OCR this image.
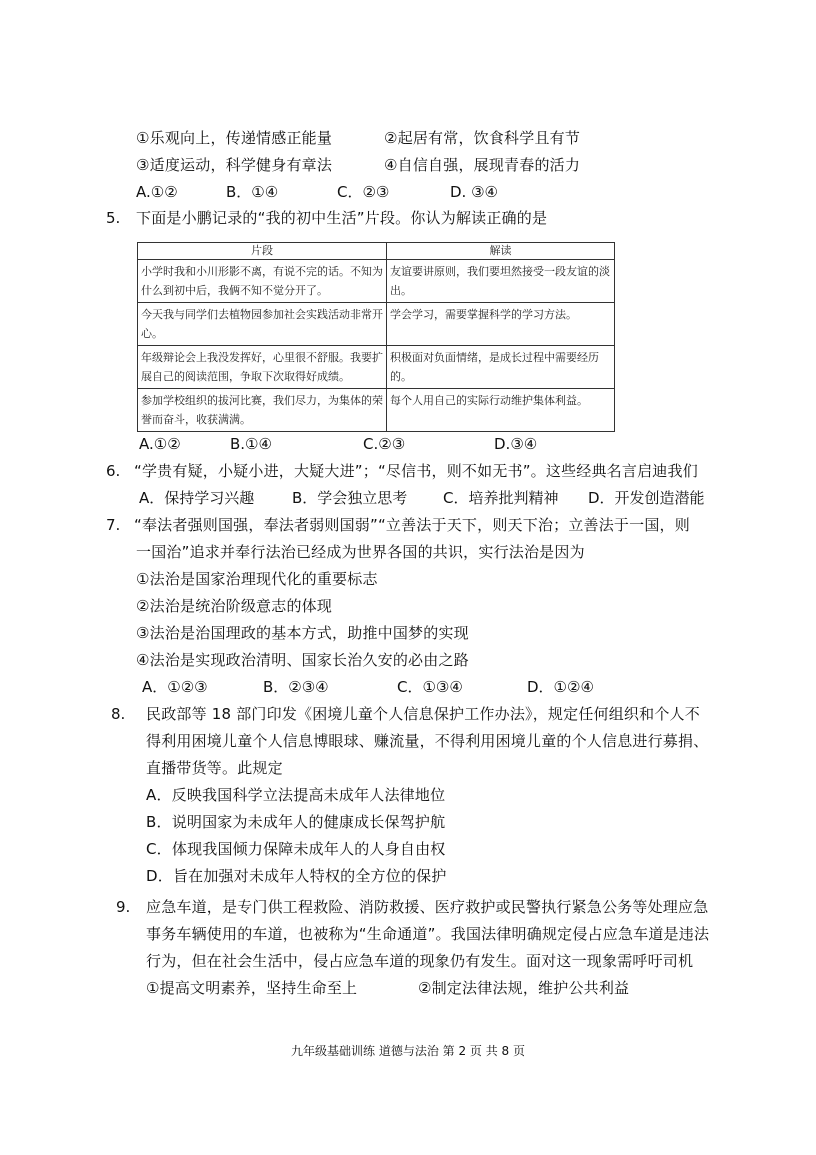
①乐观向上，传递情感正能量	②起居有常，饮食科学且有节
③适度运动，科学健身有章法	④自信自强，展现青春的活力
A.①②	B．①④	C．②③	D. ③④
5. 下面是小鹏记录的“我的初中生活”片段。你认为解读正确的是
片段	解读
小学时我和小川形影不离，有说不完的话。不知为什么到初中后，我俩不知不觉分开了。	友谊要讲原则，我们要坦然接受一段友谊的淡出。
今天我与同学们去植物园参加社会实践活动非常开心。	学会学习，需要掌握科学的学习方法。
年级辩论会上我没发挥好，心里很不舒服。我要扩展自己的阅读范围，争取下次取得好成绩。	积极面对负面情绪，是成长过程中需要经历的。
参加学校组织的拔河比赛，我们尽力，为集体的荣誉而奋斗，收获满满。	每个人用自己的实际行动维护集体利益。
A.①②	B.①④	C.②③	D.③④
6. “学贵有疑，小疑小进，大疑大进”；“尽信书，则不如无书”。这些经典名言启迪我们
A．保持学习兴趣	B．学会独立思考 C．培养批判精神 D．开发创造潜能
7. “奉法者强则国强，奉法者弱则国弱”“立善法于天下，则天下治；立善法于一国，则
一国治”追求并奉行法治已经成为世界各国的共识，实行法治是因为
①法治是国家治理现代化的重要标志
②法治是统治阶级意志的体现
③法治是治国理政的基本方式，助推中国梦的实现
④法治是实现政治清明、国家长治久安的必由之路
A．①②③	B．②③④	C．①③④	D．①②④
8. 民政部等 18 部门印发《困境儿童个人信息保护工作办法》，规定任何组织和个人不
得利用困境儿童个人信息博眼球、赚流量，不得利用困境儿童的个人信息进行募捐、
直播带货等。此规定
A．反映我国科学立法提高未成年人法律地位
B．说明国家为未成年人的健康成长保驾护航
C．体现我国倾力保障未成年人的人身自由权
D．旨在加强对未成年人特权的全方位的保护
9. 应急车道，是专门供工程救险、消防救援、医疗救护或民警执行紧急公务等处理应急
事务车辆使用的车道，也被称为“生命通道”。我国法律明确规定侵占应急车道是违法
行为，但在社会生活中，侵占应急车道的现象仍有发生。面对这一现象需呼吁司机
①提高文明素养，坚持生命至上	②制定法律法规，维护公共利益
九年级基础训练 道德与法治 第 2 页 共 8 页
